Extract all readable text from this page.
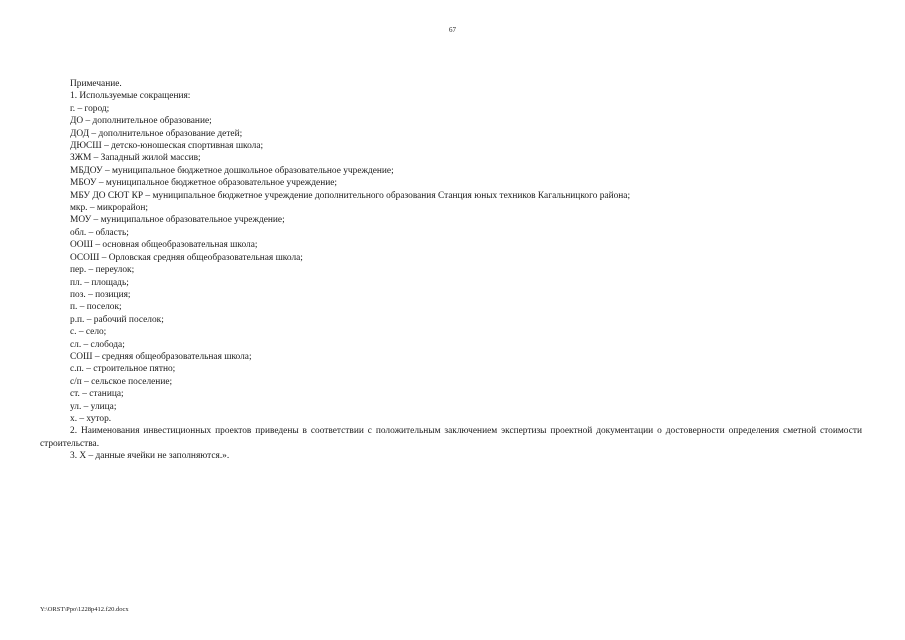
67
Примечание.
1. Используемые сокращения:
г. – город;
ДО – дополнительное образование;
ДОД – дополнительное образование детей;
ДЮСШ – детско-юношеская спортивная школа;
ЗЖМ – Западный жилой массив;
МБДОУ – муниципальное бюджетное дошкольное образовательное учреждение;
МБОУ – муниципальное бюджетное образовательное учреждение;
МБУ ДО СЮТ КР – муниципальное бюджетное учреждение дополнительного образования Станция юных техников Кагальницкого района;
мкр. – микрорайон;
МОУ – муниципальное образовательное учреждение;
обл. – область;
ООШ – основная общеобразовательная школа;
ОСОШ – Орловская средняя общеобразовательная школа;
пер. – переулок;
пл. – площадь;
поз. – позиция;
п. – поселок;
р.п. – рабочий поселок;
с. – село;
сл. – слобода;
СОШ – средняя общеобразовательная школа;
с.п. – строительное пятно;
с/п – сельское поселение;
ст. – станица;
ул. – улица;
х. – хутор.
2. Наименования инвестиционных проектов приведены в соответствии с положительным заключением экспертизы проектной документации о достоверности определения сметной стоимости строительства.
3. Х – данные ячейки не заполняются.».
Y:\ORST\Ppo\1228p412.f20.docx
